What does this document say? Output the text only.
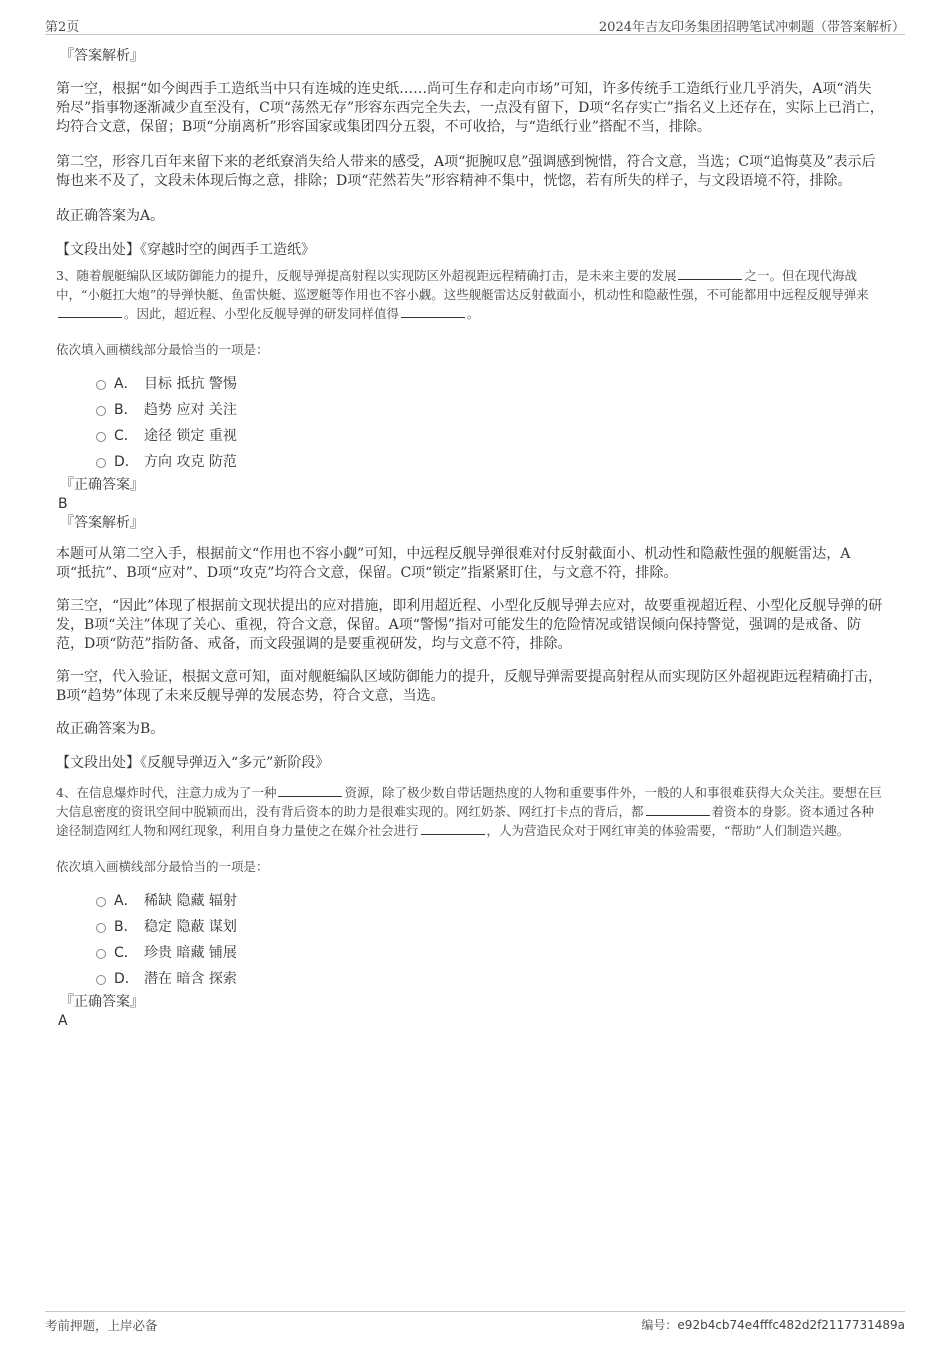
第2页	2024年吉友印务集团招聘笔试冲刺题（带答案解析）

『答案解析』

第一空，根据“如今闽西手工造纸当中只有连城的连史纸……尚可生存和走向市场”可知，许多传统手工造纸行业几乎消失，A项“消失殆尽”指事物逐渐减少直至没有，C项“荡然无存”形容东西完全失去，一点没有留下，D项“名存实亡”指名义上还存在，实际上已消亡，均符合文意，保留；B项“分崩离析”形容国家或集团四分五裂，不可收拾，与“造纸行业”搭配不当，排除。

第二空，形容几百年来留下来的老纸寮消失给人带来的感受，A项“扼腕叹息”强调感到惋惜，符合文意，当选；C项“追悔莫及”表示后悔也来不及了，文段未体现后悔之意，排除；D项“茫然若失”形容精神不集中，恍惚，若有所失的样子，与文段语境不符，排除。

故正确答案为A。

【文段出处】《穿越时空的闽西手工造纸》

3、随着舰艇编队区域防御能力的提升，反舰导弹提高射程以实现防区外超视距远程精确打击，是未来主要的发展	之一。但在现代海战中，“小艇扛大炮”的导弹快艇、鱼雷快艇、巡逻艇等作用也不容小觑。这些舰艇雷达反射截面小，机动性和隐蔽性强，不可能都用中远程反舰导弹来。因此，超近程、小型化反舰导弹的研发同样值得	。

依次填入画横线部分最恰当的一项是：

A． 目标 抵抗 警惕
B． 趋势 应对 关注
C． 途径 锁定 重视
D． 方向 攻克 防范

『正确答案』

B

『答案解析』

本题可从第二空入手，根据前文“作用也不容小觑”可知，中远程反舰导弹很难对付反射截面小、机动性和隐蔽性强的舰艇雷达，A项“抵抗”、B项“应对”、D项“攻克”均符合文意，保留。C项“锁定”指紧紧盯住，与文意不符，排除。

第三空，“因此”体现了根据前文现状提出的应对措施，即利用超近程、小型化反舰导弹去应对，故要重视超近程、小型化反舰导弹的研发，B项“关注”体现了关心、重视，符合文意，保留。A项“警惕”指对可能发生的危险情况或错误倾向保持警觉，强调的是戒备、防范，D项“防范”指防备、戒备，而文段强调的是要重视研发，均与文意不符，排除。

第一空，代入验证，根据文意可知，面对舰艇编队区域防御能力的提升，反舰导弹需要提高射程从而实现防区外超视距远程精确打击，B项“趋势”体现了未来反舰导弹的发展态势，符合文意，当选。

故正确答案为B。

【文段出处】《反舰导弹迈入“多元”新阶段》

4、在信息爆炸时代，注意力成为了一种	资源，除了极少数自带话题热度的人物和重要事件外，一般的人和事很难获得大众关注。要想在巨大信息密度的资讯空间中脱颖而出，没有背后资本的助力是很难实现的。网红奶茶、网红打卡点的背后，都	着资本的身影。资本通过各种途径制造网红人物和网红现象，利用自身力量使之在媒介社会进行	，人为营造民众对于网红审美的体验需要，“帮助”人们制造兴趣。

依次填入画横线部分最恰当的一项是：

A． 稀缺 隐藏 辐射
B． 稳定 隐蔽 谋划
C． 珍贵 暗藏 铺展
D． 潜在 暗含 探索

『正确答案』

A

考前押题，上岸必备	编号：e92b4cb74e4fffc482d2f2117731489a
